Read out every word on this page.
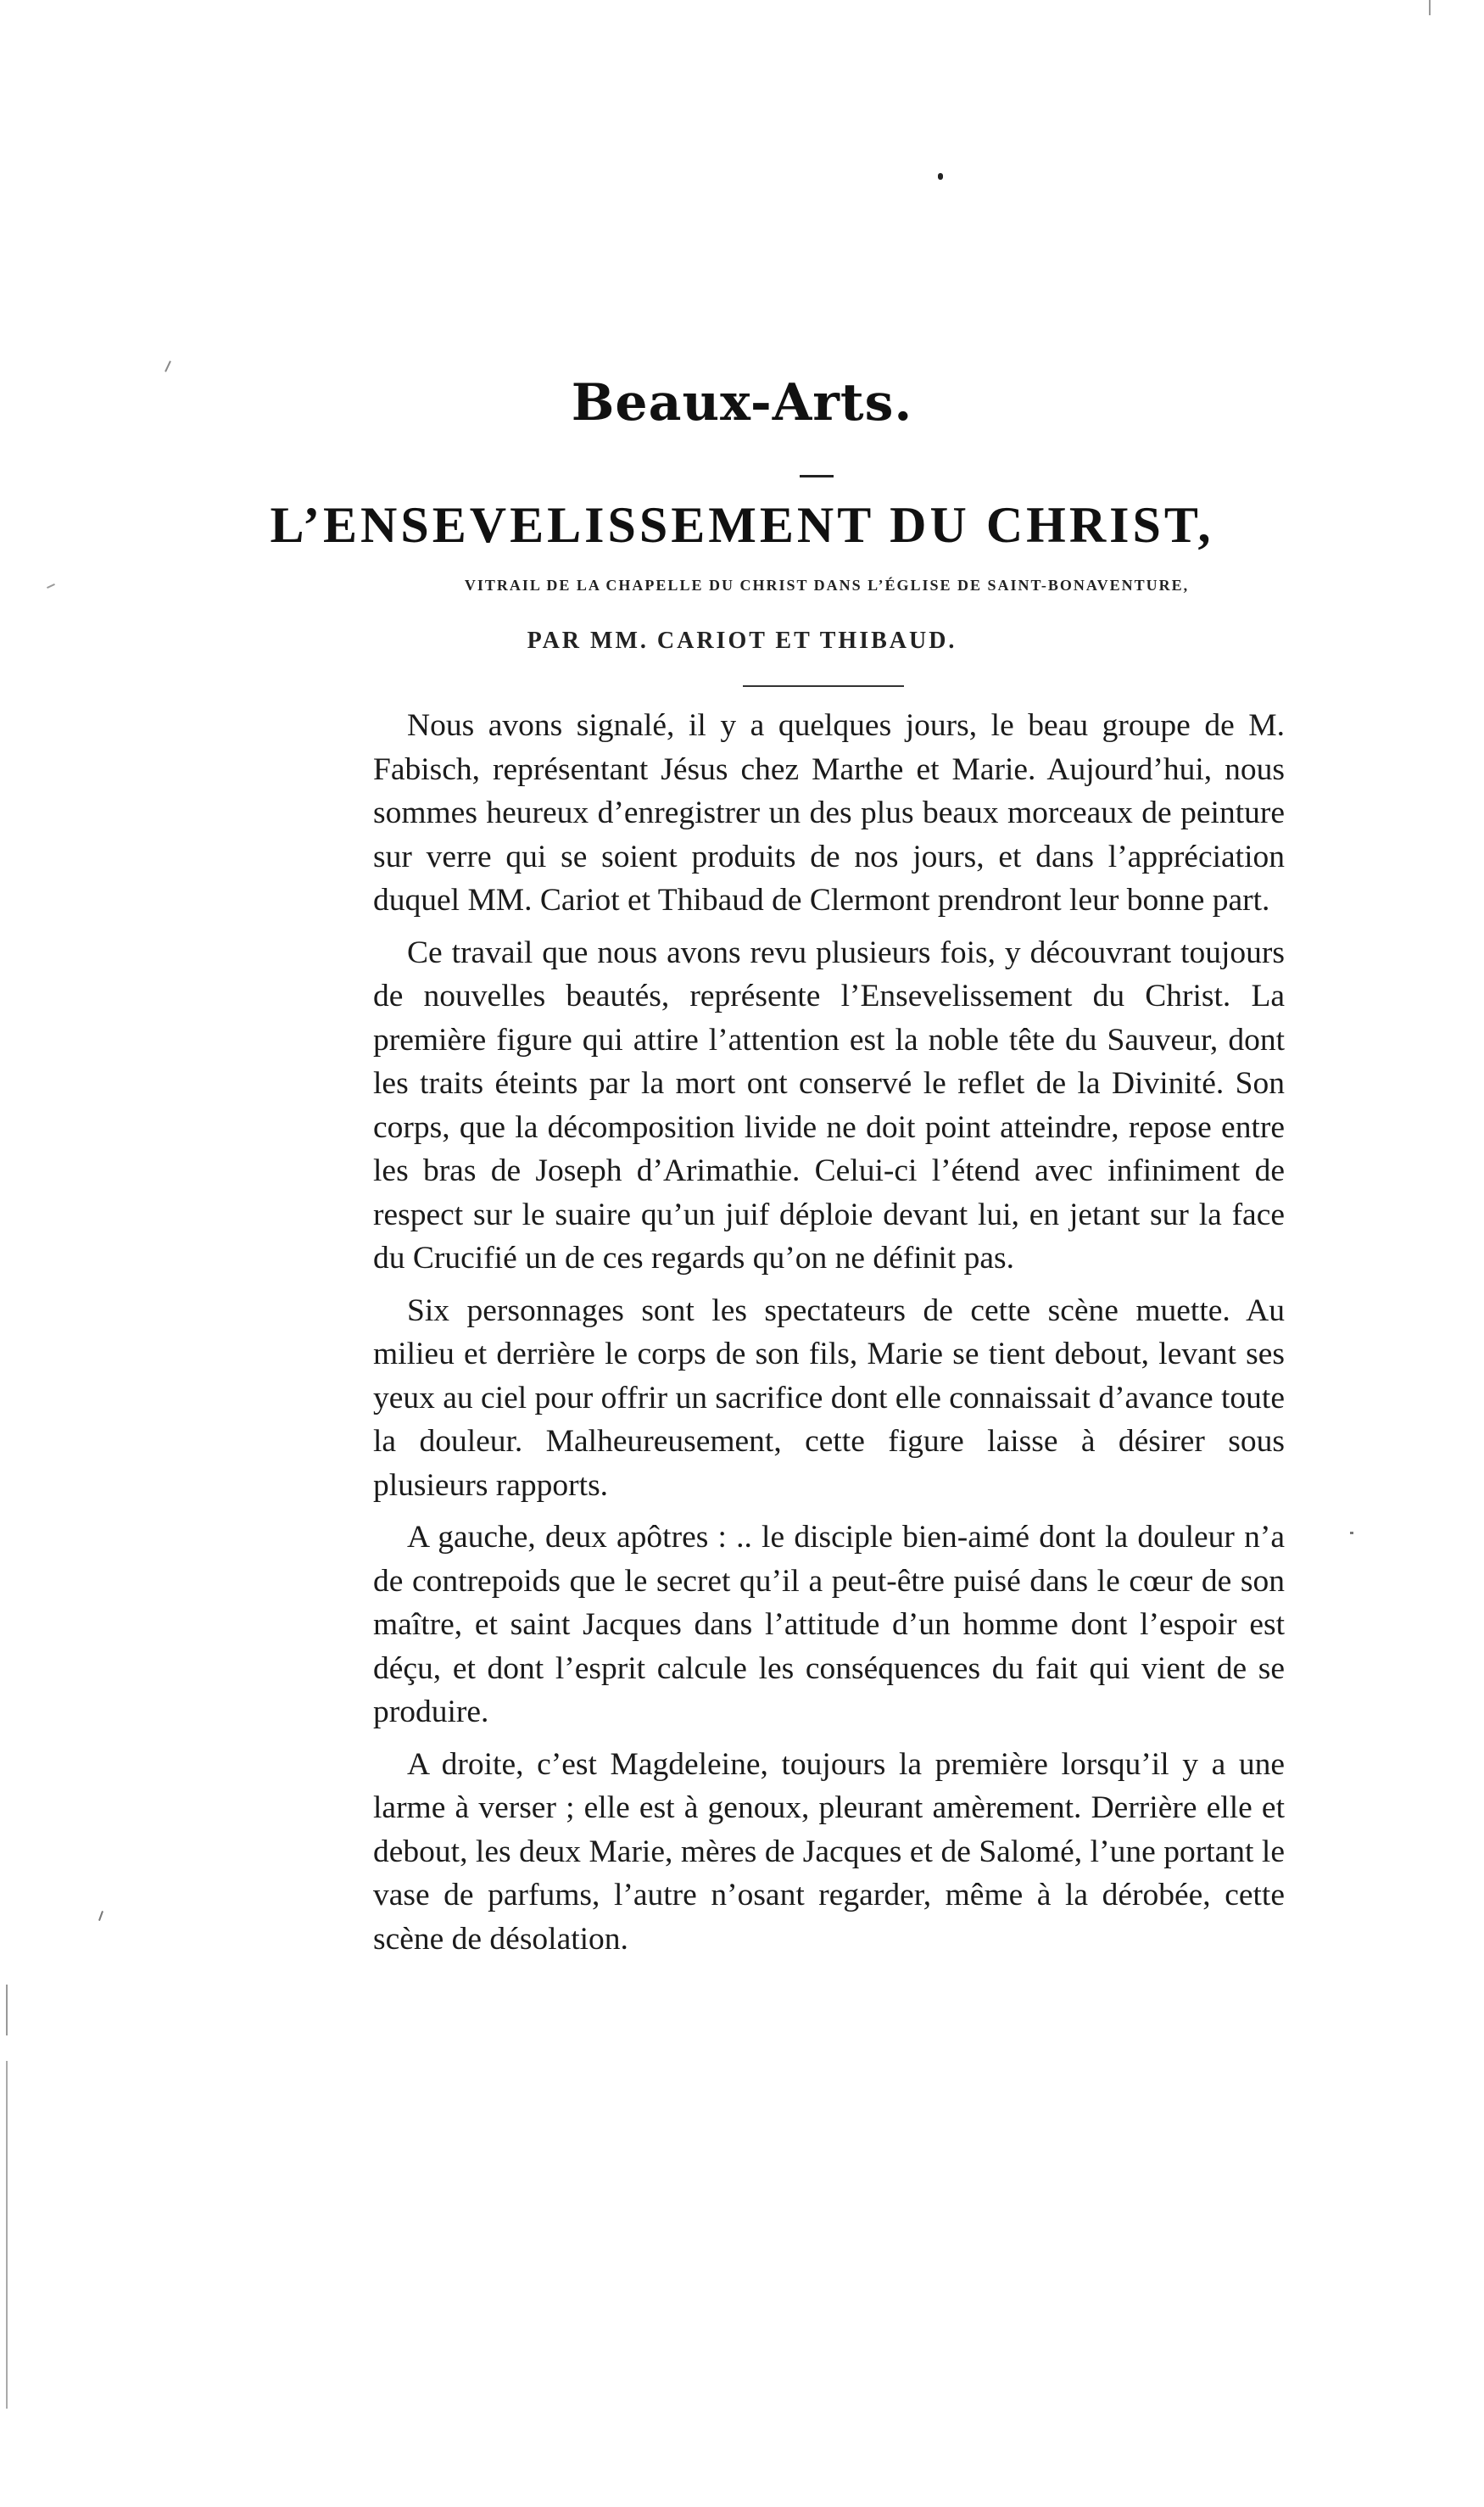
Beaux-Arts.
L’ENSEVELISSEMENT DU CHRIST,
VITRAIL DE LA CHAPELLE DU CHRIST DANS L’ÉGLISE DE SAINT-BONAVENTURE,
PAR MM. CARIOT ET THIBAUD.

Nous avons signalé, il y a quelques jours, le beau groupe de M. Fabisch, représentant Jésus chez Marthe et Marie. Aujourd’hui, nous sommes heureux d’enregistrer un des plus beaux morceaux de peinture sur verre qui se soient produits de nos jours, et dans l’appréciation duquel MM. Cariot et Thibaud de Clermont prendront leur bonne part.

Ce travail que nous avons revu plusieurs fois, y découvrant toujours de nouvelles beautés, représente l’Ensevelissement du Christ. La première figure qui attire l’attention est la noble tête du Sauveur, dont les traits éteints par la mort ont conservé le reflet de la Divinité. Son corps, que la décomposition livide ne doit point atteindre, repose entre les bras de Joseph d’Arimathie. Celui-ci l’étend avec infiniment de respect sur le suaire qu’un juif déploie devant lui, en jetant sur la face du Crucifié un de ces regards qu’on ne définit pas.

Six personnages sont les spectateurs de cette scène muette. Au milieu et derrière le corps de son fils, Marie se tient debout, levant ses yeux au ciel pour offrir un sacrifice dont elle connaissait d’avance toute la douleur. Malheureusement, cette figure laisse à désirer sous plusieurs rapports.

A gauche, deux apôtres : .. le disciple bien-aimé dont la douleur n’a de contrepoids que le secret qu’il a peut-être puisé dans le cœur de son maître, et saint Jacques dans l’attitude d’un homme dont l’espoir est déçu, et dont l’esprit calcule les conséquences du fait qui vient de se produire.

A droite, c’est Magdeleine, toujours la première lorsqu’il y a une larme à verser ; elle est à genoux, pleurant amèrement. Derrière elle et debout, les deux Marie, mères de Jacques et de Salomé, l’une portant le vase de parfums, l’autre n’osant regarder, même à la dérobée, cette scène de désolation.
